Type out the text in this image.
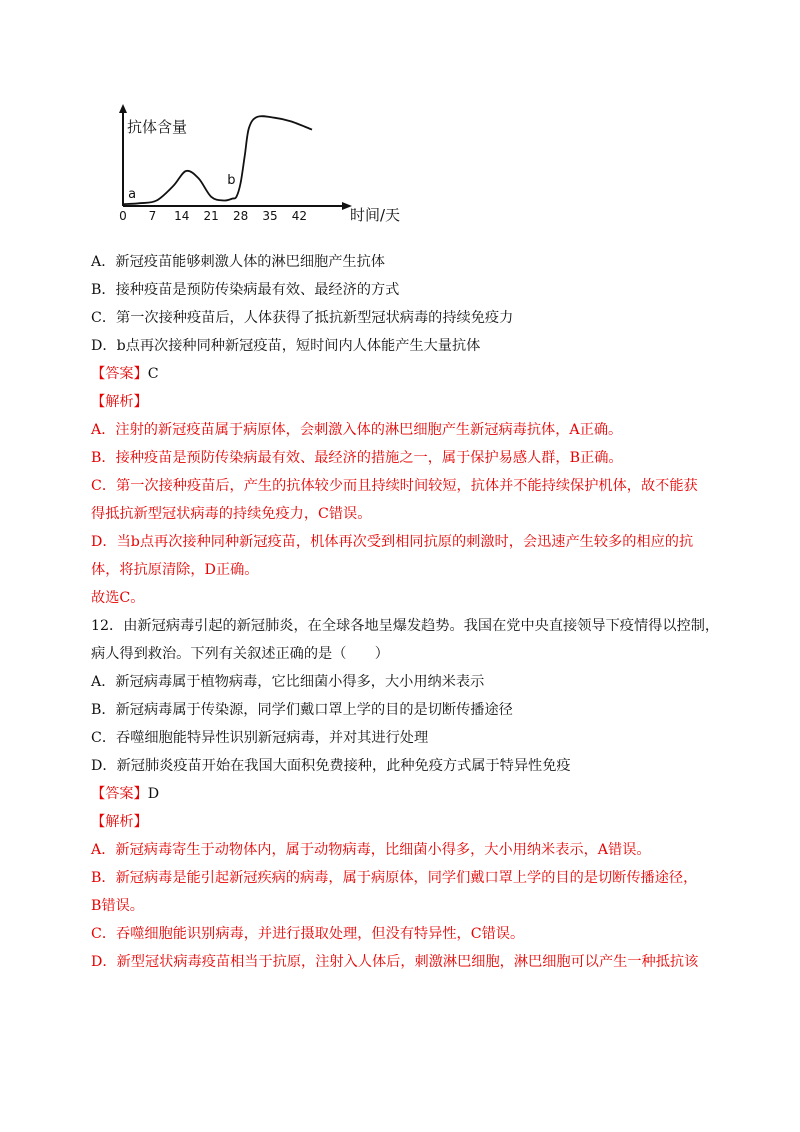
抗体含量
时间/天
0 7 14 21 28 35 42
a
b
A．新冠疫苗能够刺激人体的淋巴细胞产生抗体
B．接种疫苗是预防传染病最有效、最经济的方式
C．第一次接种疫苗后，人体获得了抵抗新型冠状病毒的持续免疫力
D．b点再次接种同种新冠疫苗，短时间内人体能产生大量抗体
【答案】C
【解析】
A．注射的新冠疫苗属于病原体，会刺激入体的淋巴细胞产生新冠病毒抗体，A正确。
B．接种疫苗是预防传染病最有效、最经济的措施之一，属于保护易感人群，B正确。
C．第一次接种疫苗后，产生的抗体较少而且持续时间较短，抗体并不能持续保护机体，故不能获
得抵抗新型冠状病毒的持续免疫力，C错误。
D．当b点再次接种同种新冠疫苗，机体再次受到相同抗原的刺激时，会迅速产生较多的相应的抗
体，将抗原清除，D正确。
故选C。
12．由新冠病毒引起的新冠肺炎，在全球各地呈爆发趋势。我国在党中央直接领导下疫情得以控制，
病人得到救治。下列有关叙述正确的是（　　）
A．新冠病毒属于植物病毒，它比细菌小得多，大小用纳米表示
B．新冠病毒属于传染源，同学们戴口罩上学的目的是切断传播途径
C．吞噬细胞能特异性识别新冠病毒，并对其进行处理
D．新冠肺炎疫苗开始在我国大面积免费接种，此种免疫方式属于特异性免疫
【答案】D
【解析】
A．新冠病毒寄生于动物体内，属于动物病毒，比细菌小得多，大小用纳米表示，A错误。
B．新冠病毒是能引起新冠疾病的病毒，属于病原体，同学们戴口罩上学的目的是切断传播途径，
B错误。
C．吞噬细胞能识别病毒，并进行摄取处理，但没有特异性，C错误。
D．新型冠状病毒疫苗相当于抗原，注射入人体后，刺激淋巴细胞，淋巴细胞可以产生一种抵抗该
